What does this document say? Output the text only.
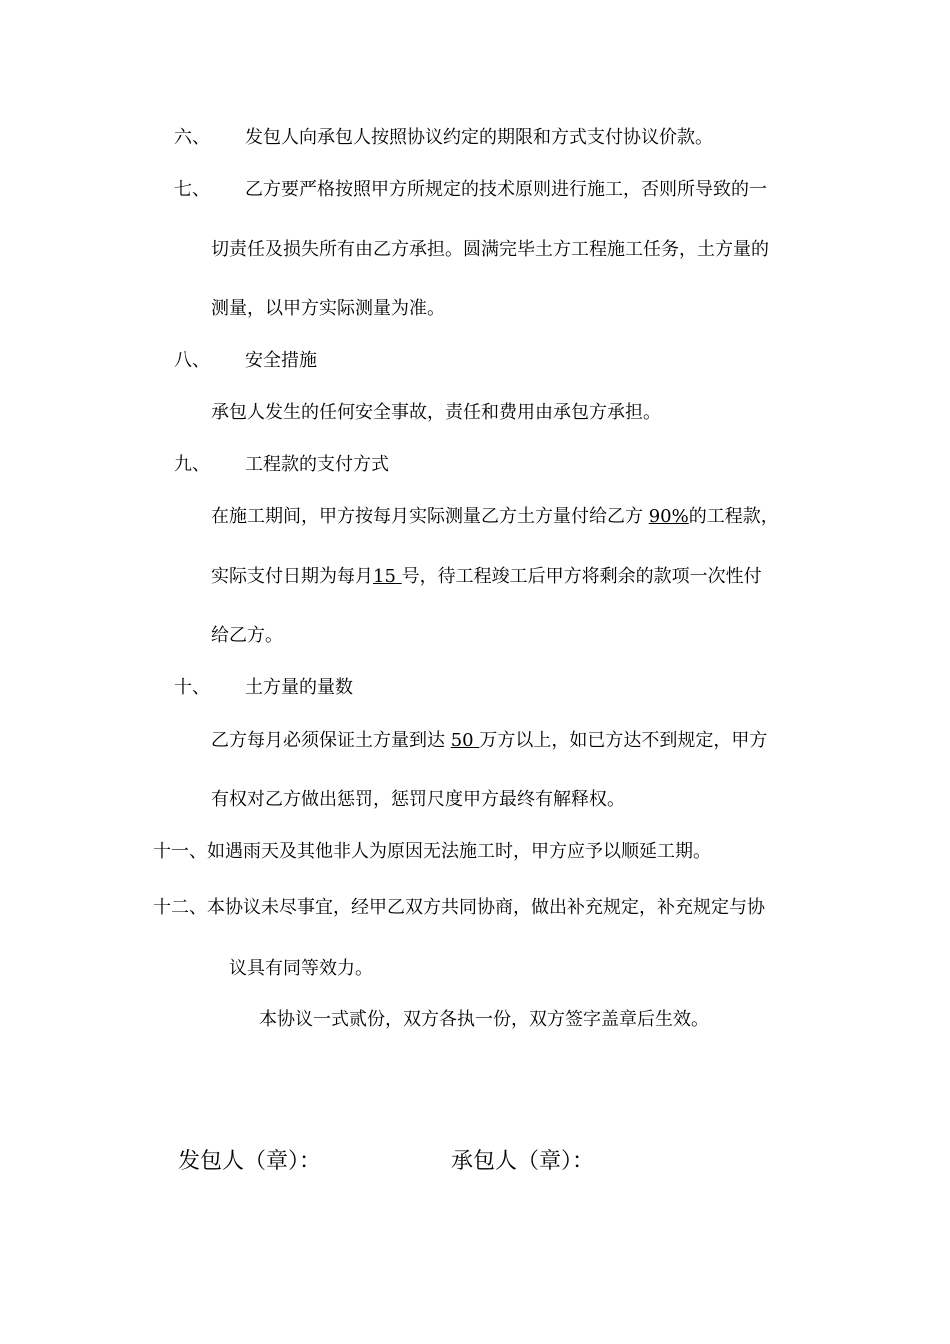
六、 发包人向承包人按照协议约定的期限和方式支付协议价款。
七、 乙方要严格按照甲方所规定的技术原则进行施工，否则所导致的一
切责任及损失所有由乙方承担。圆满完毕土方工程施工任务，土方量的
测量，以甲方实际测量为准。
八、 安全措施
承包人发生的任何安全事故，责任和费用由承包方承担。
九、 工程款的支付方式
在施工期间，甲方按每月实际测量乙方土方量付给乙方 90%的工程款，
实际支付日期为每月15 号，待工程竣工后甲方将剩余的款项一次性付
给乙方。
十、 土方量的量数
乙方每月必须保证土方量到达 50 万方以上，如已方达不到规定，甲方
有权对乙方做出惩罚，惩罚尺度甲方最终有解释权。
十一、如遇雨天及其他非人为原因无法施工时，甲方应予以顺延工期。
十二、本协议未尽事宜，经甲乙双方共同协商，做出补充规定，补充规定与协
议具有同等效力。
本协议一式贰份，双方各执一份，双方签字盖章后生效。
发包人（章）：	承包人（章）：
